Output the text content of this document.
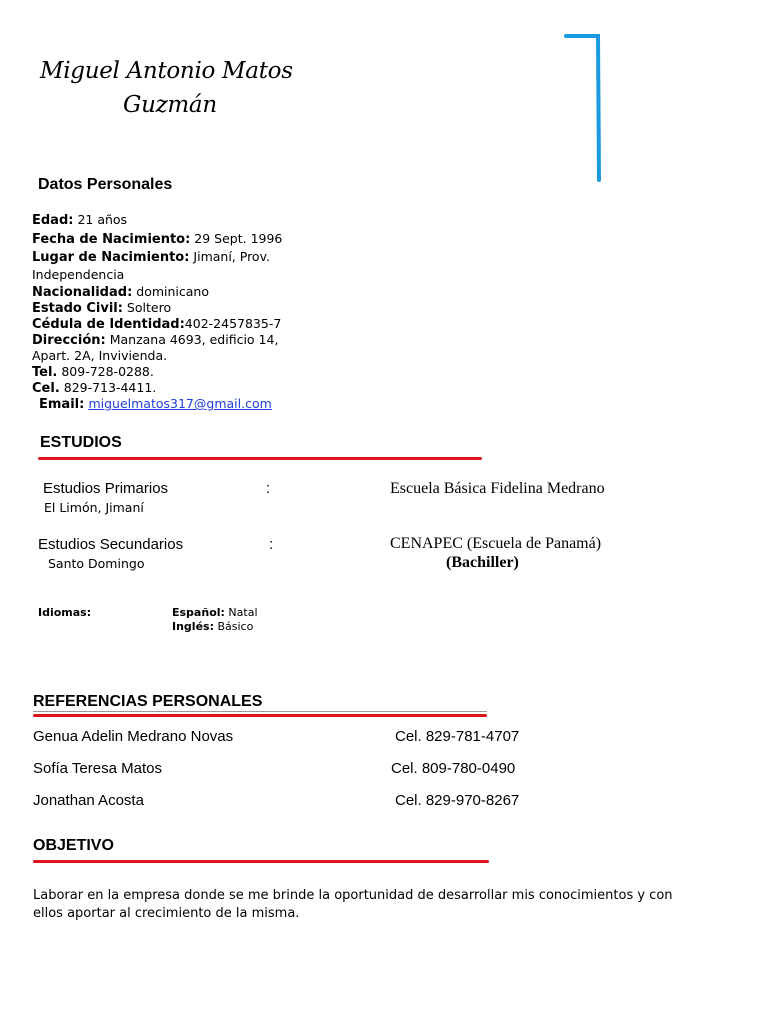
Miguel Antonio Matos
Guzmán
Datos Personales
Edad: 21 años
Fecha de Nacimiento: 29 Sept. 1996
Lugar de Nacimiento: Jimaní, Prov.
Independencia
Nacionalidad: dominicano
Estado Civil: Soltero
Cédula de Identidad:402-2457835-7
Dirección: Manzana 4693, edificio 14,
Apart. 2A, Invivienda.
Tel. 809-728-0288.
Cel. 829-713-4411.
Email: miguelmatos317@gmail.com
ESTUDIOS
Estudios Primarios	:	Escuela Básica Fidelina Medrano
El Limón, Jimaní
Estudios Secundarios	:	CENAPEC (Escuela de Panamá)
Santo Domingo	(Bachiller)
Idiomas:	Español: Natal
Inglés: Básico
REFERENCIAS PERSONALES
Genua Adelin Medrano Novas	Cel. 829-781-4707
Sofía Teresa Matos	Cel. 809-780-0490
Jonathan Acosta	Cel. 829-970-8267
OBJETIVO
Laborar en la empresa donde se me brinde la oportunidad de desarrollar mis conocimientos y con ellos aportar al crecimiento de la misma.
